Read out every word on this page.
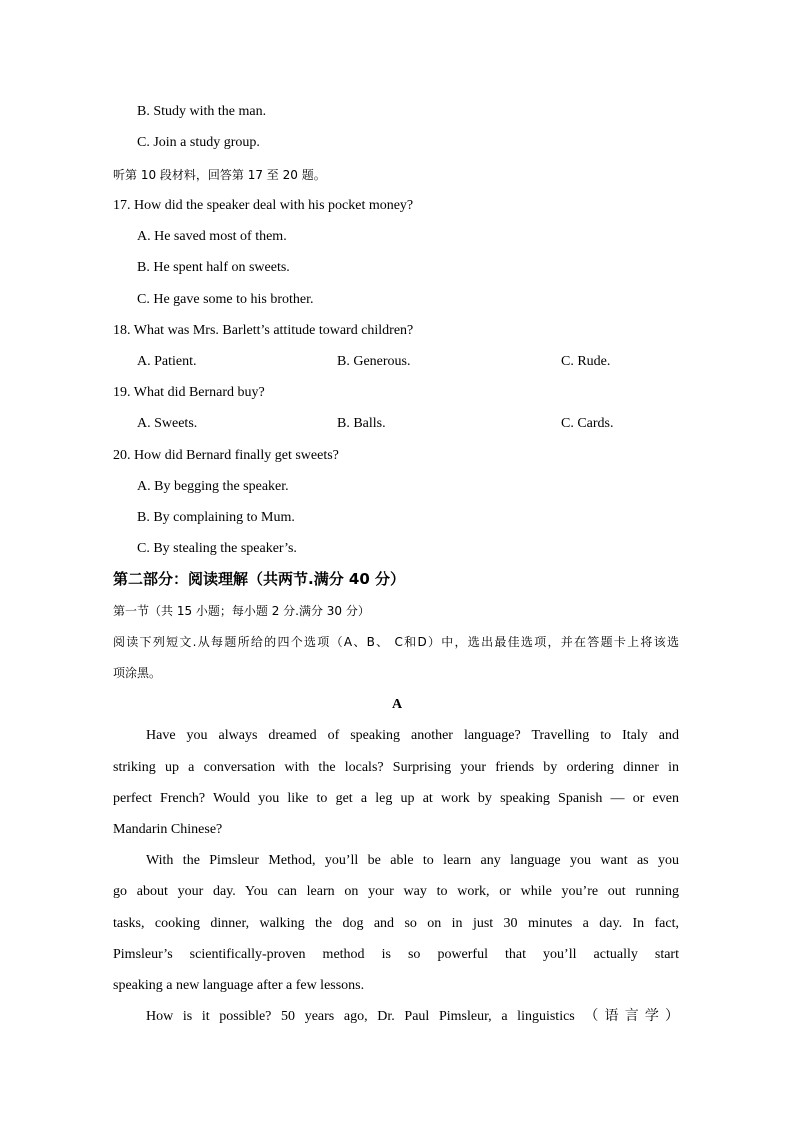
B. Study with the man.
C. Join a study group.
听第 10 段材料，回答第 17 至 20 题。
17. How did the speaker deal with his pocket money?
A. He saved most of them.
B. He spent half on sweets.
C. He gave some to his brother.
18. What was Mrs. Barlett’s attitude toward children?
A. Patient.	B. Generous.	C. Rude.
19. What did Bernard buy?
A. Sweets.	B. Balls.	C. Cards.
20. How did Bernard finally get sweets?
A. By begging the speaker.
B. By complaining to Mum.
C. By stealing the speaker’s.
第二部分：阅读理解（共两节.满分 40 分）
第一节（共 15 小题；每小题 2 分.满分 30 分）
阅读下列短文.从每题所给的四个选项（A、B、 C和D）中，选出最佳选项，并在答题卡上将该选
项涂黑。
A
Have you always dreamed of speaking another language? Travelling to Italy and
striking up a conversation with the locals? Surprising your friends by ordering dinner in
perfect French? Would you like to get a leg up at work by speaking Spanish — or even
Mandarin Chinese?
With the Pimsleur Method, you’ll be able to learn any language you want as you
go about your day. You can learn on your way to work, or while you’re out running
tasks, cooking dinner, walking the dog and so on in just 30 minutes a day. In fact,
Pimsleur’s scientifically-proven method is so powerful that you’ll actually start
speaking a new language after a few lessons.
How is it possible? 50 years ago, Dr. Paul Pimsleur, a linguistics （语言学）
